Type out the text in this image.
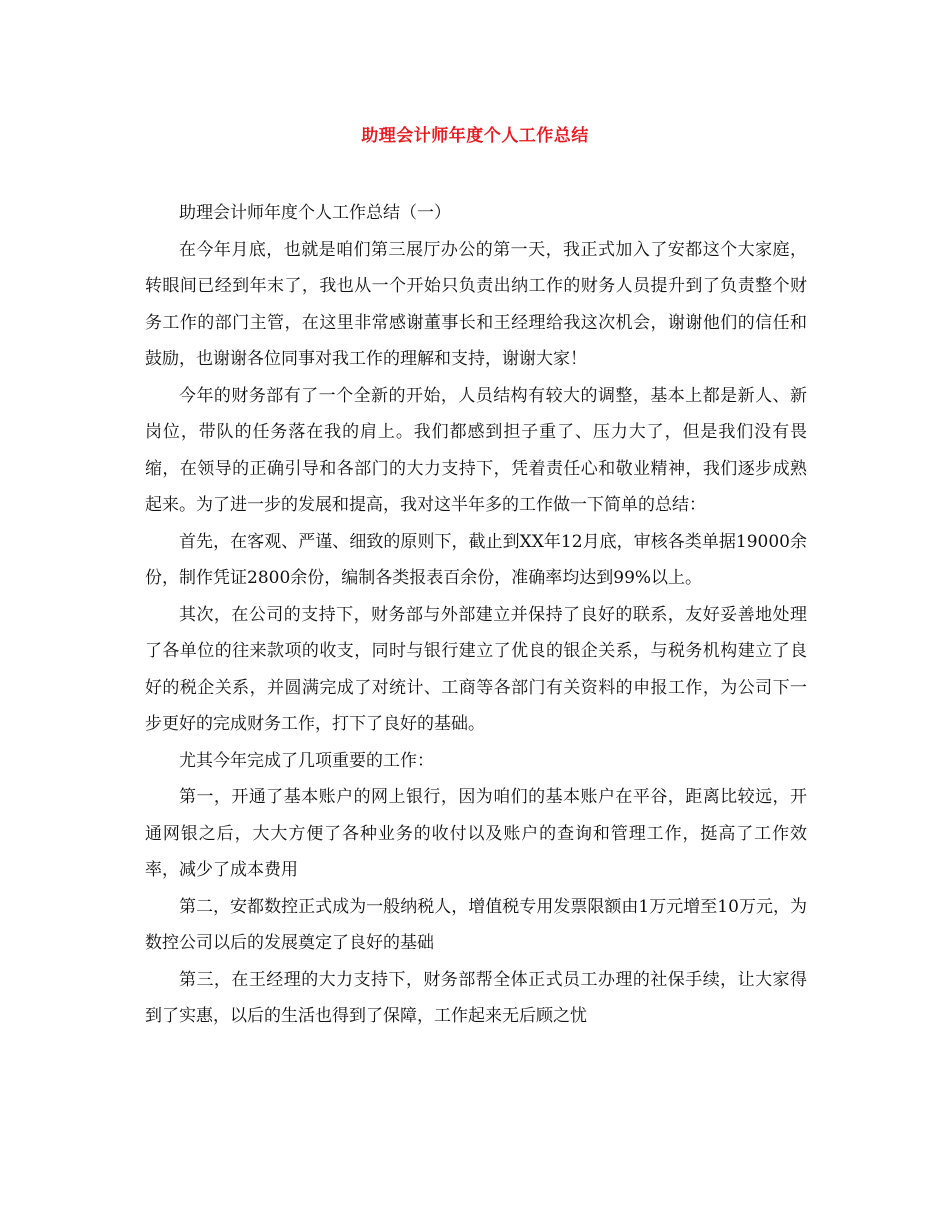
助理会计师年度个人工作总结

助理会计师年度个人工作总结（一）

在今年月底，也就是咱们第三展厅办公的第一天，我正式加入了安都这个大家庭，转眼间已经到年末了，我也从一个开始只负责出纳工作的财务人员提升到了负责整个财务工作的部门主管，在这里非常感谢董事长和王经理给我这次机会，谢谢他们的信任和鼓励，也谢谢各位同事对我工作的理解和支持，谢谢大家！

今年的财务部有了一个全新的开始，人员结构有较大的调整，基本上都是新人、新岗位，带队的任务落在我的肩上。我们都感到担子重了、压力大了，但是我们没有畏缩，在领导的正确引导和各部门的大力支持下，凭着责任心和敬业精神，我们逐步成熟起来。为了进一步的发展和提高，我对这半年多的工作做一下简单的总结：

首先，在客观、严谨、细致的原则下，截止到XX年12月底，审核各类单据19000余份，制作凭证2800余份，编制各类报表百余份，准确率均达到99%以上。

其次，在公司的支持下，财务部与外部建立并保持了良好的联系，友好妥善地处理了各单位的往来款项的收支，同时与银行建立了优良的银企关系，与税务机构建立了良好的税企关系，并圆满完成了对统计、工商等各部门有关资料的申报工作，为公司下一步更好的完成财务工作，打下了良好的基础。

尤其今年完成了几项重要的工作：

第一，开通了基本账户的网上银行，因为咱们的基本账户在平谷，距离比较远，开通网银之后，大大方便了各种业务的收付以及账户的查询和管理工作，挺高了工作效率，减少了成本费用

第二，安都数控正式成为一般纳税人，增值税专用发票限额由1万元增至10万元，为数控公司以后的发展奠定了良好的基础

第三，在王经理的大力支持下，财务部帮全体正式员工办理的社保手续，让大家得到了实惠，以后的生活也得到了保障，工作起来无后顾之忧
